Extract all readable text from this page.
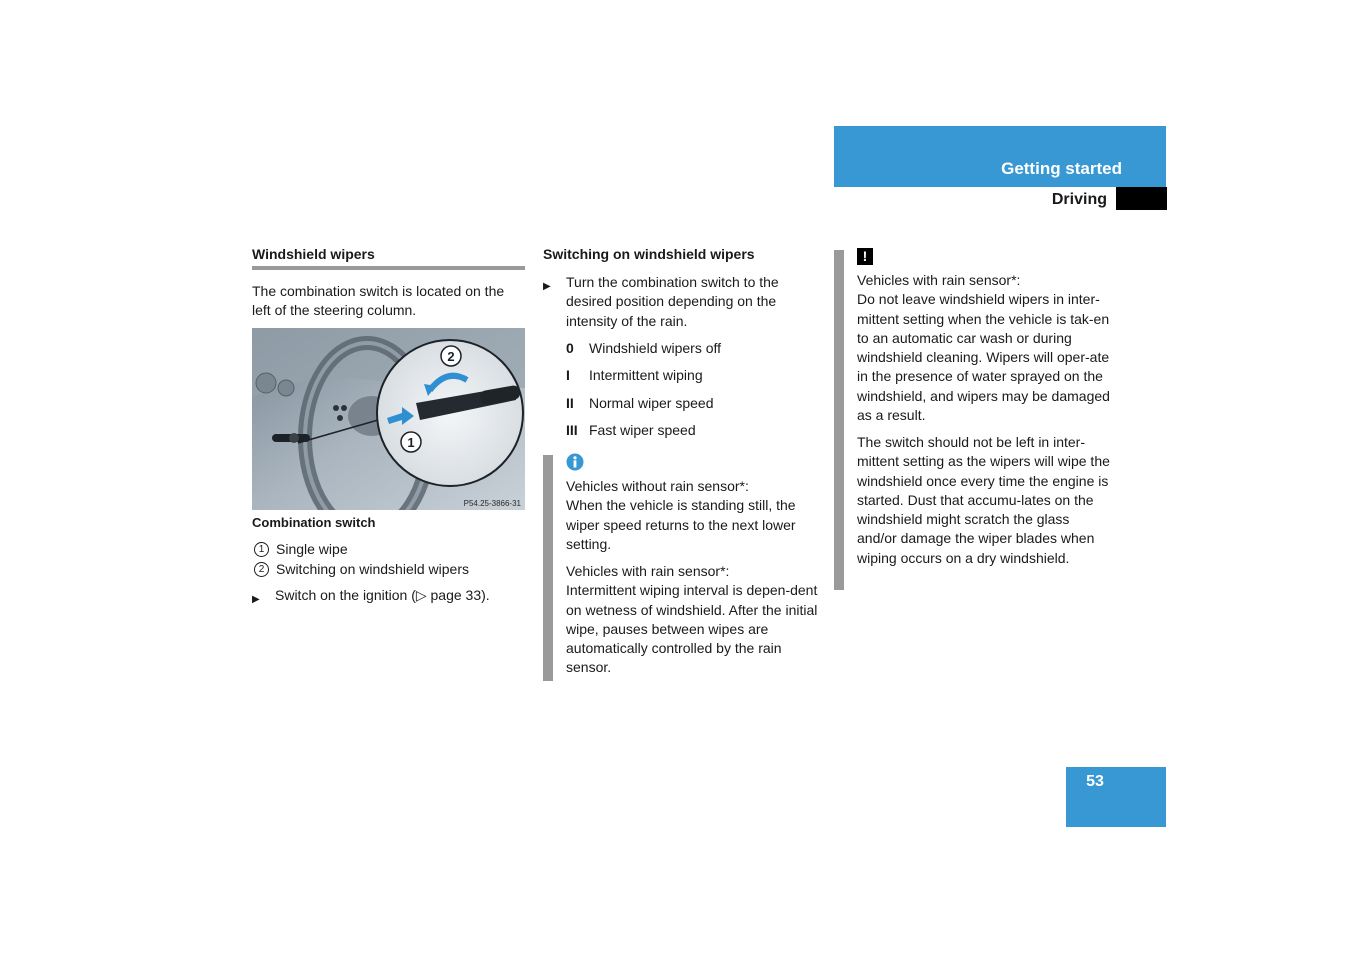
Getting started
Driving
Windshield wipers
The combination switch is located on the left of the steering column.
2
1
P54.25-3866-31
Combination switch
1 Single wipe
2 Switching on windshield wipers
▶	Switch on the ignition (▷ page 33).
Switching on windshield wipers
▶	Turn the combination switch to the desired position depending on the intensity of the rain.
0	Windshield wipers off
I	Intermittent wiping
II	Normal wiper speed
III Fast wiper speed
Vehicles without rain sensor*:
When the vehicle is standing still, the wiper speed returns to the next lower setting.
Vehicles with rain sensor*:
Intermittent wiping interval is depen-dent on wetness of windshield. After the initial wipe, pauses between wipes are automatically controlled by the rain sensor.
!
Vehicles with rain sensor*:
Do not leave windshield wipers in inter-mittent setting when the vehicle is tak-en to an automatic car wash or during windshield cleaning. Wipers will oper-ate in the presence of water sprayed on the windshield, and wipers may be damaged as a result.
The switch should not be left in inter-mittent setting as the wipers will wipe the windshield once every time the engine is started. Dust that accumu-lates on the windshield might scratch the glass and/or damage the wiper blades when wiping occurs on a dry windshield.
53
